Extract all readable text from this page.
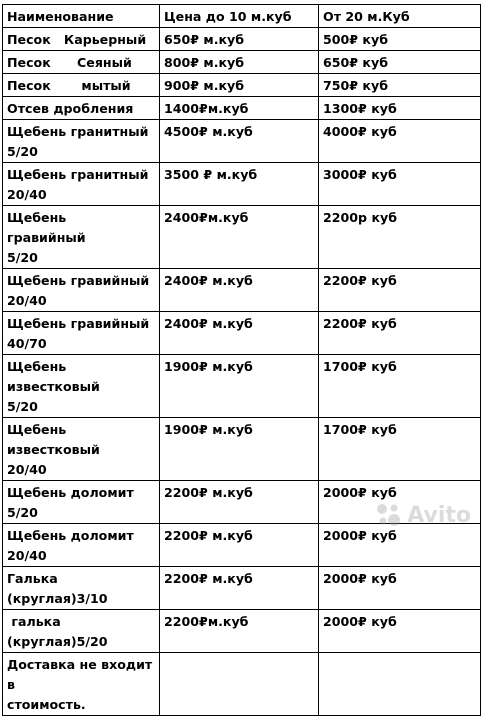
Наименование	Цена до 10 м.куб	От 20 м.Куб
Песок   Карьерный	650₽ м.куб	500₽ куб
Песок      Сеяный	800₽ м.куб	650₽ куб
Песок       мытый	900₽ м.куб	750₽ куб
Отсев дробления	1400₽м.куб	1300₽ куб
Щебень гранитный
5/20	4500₽ м.куб	4000₽ куб
Щебень гранитный
20/40	3500 ₽ м.куб	3000₽ куб
Щебень   гравийный
5/20	2400₽м.куб	2200р куб
Щебень гравийный
20/40	2400₽ м.куб	2200₽ куб
Щебень гравийный
40/70	2400₽ м.куб	2200₽ куб
Щебень известковый
5/20	1900₽ м.куб	1700₽ куб
Щебень известковый
20/40	1900₽ м.куб	1700₽ куб
Щебень доломит 5/20	2200₽ м.куб	2000₽ куб
Щебень доломит
20/40	2200₽ м.куб	2000₽ куб
Галька (круглая)3/10	2200₽ м.куб	2000₽ куб
галька (круглая)5/20	2200₽м.куб	2000₽ куб
Доставка не входит в
стоимость.		
Avito
